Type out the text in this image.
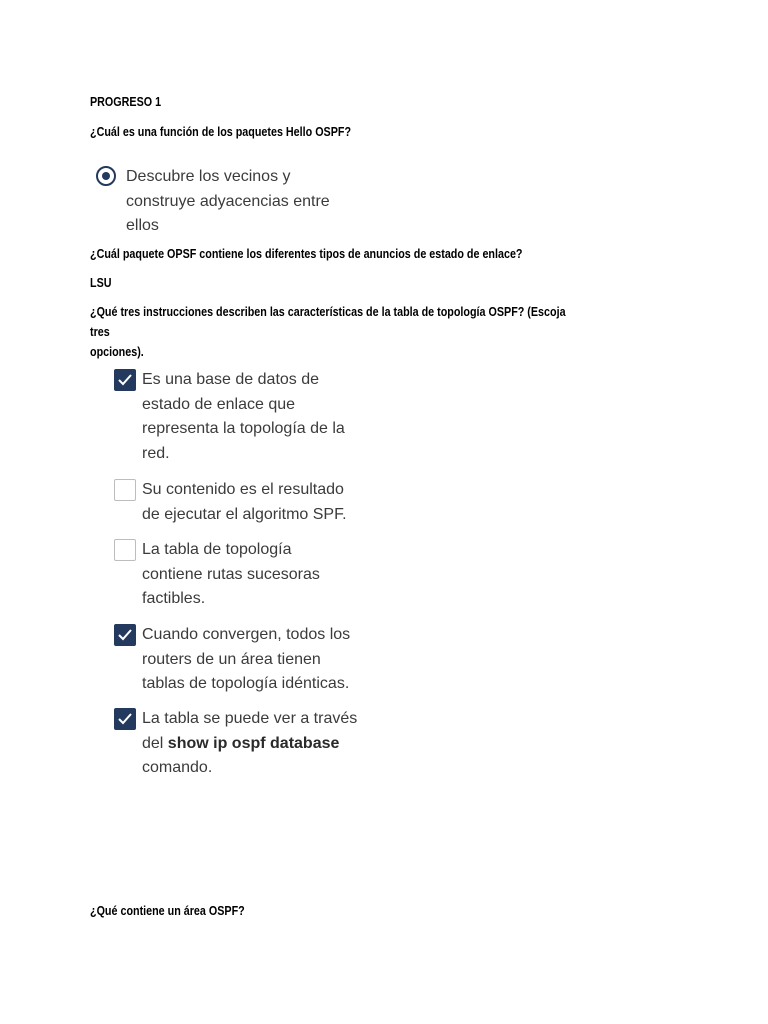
PROGRESO 1
¿Cuál es una función de los paquetes Hello OSPF?
Descubre los vecinos y
construye adyacencias entre
ellos
¿Cuál paquete OPSF contiene los diferentes tipos de anuncios de estado de enlace?
LSU
¿Qué tres instrucciones describen las características de la tabla de topología OSPF? (Escoja tres
opciones).
Es una base de datos de
estado de enlace que
representa la topología de la
red.
Su contenido es el resultado
de ejecutar el algoritmo SPF.
La tabla de topología
contiene rutas sucesoras
factibles.
Cuando convergen, todos los
routers de un área tienen
tablas de topología idénticas.
La tabla se puede ver a través
del show ip ospf database
comando.
¿Qué contiene un área OSPF?
